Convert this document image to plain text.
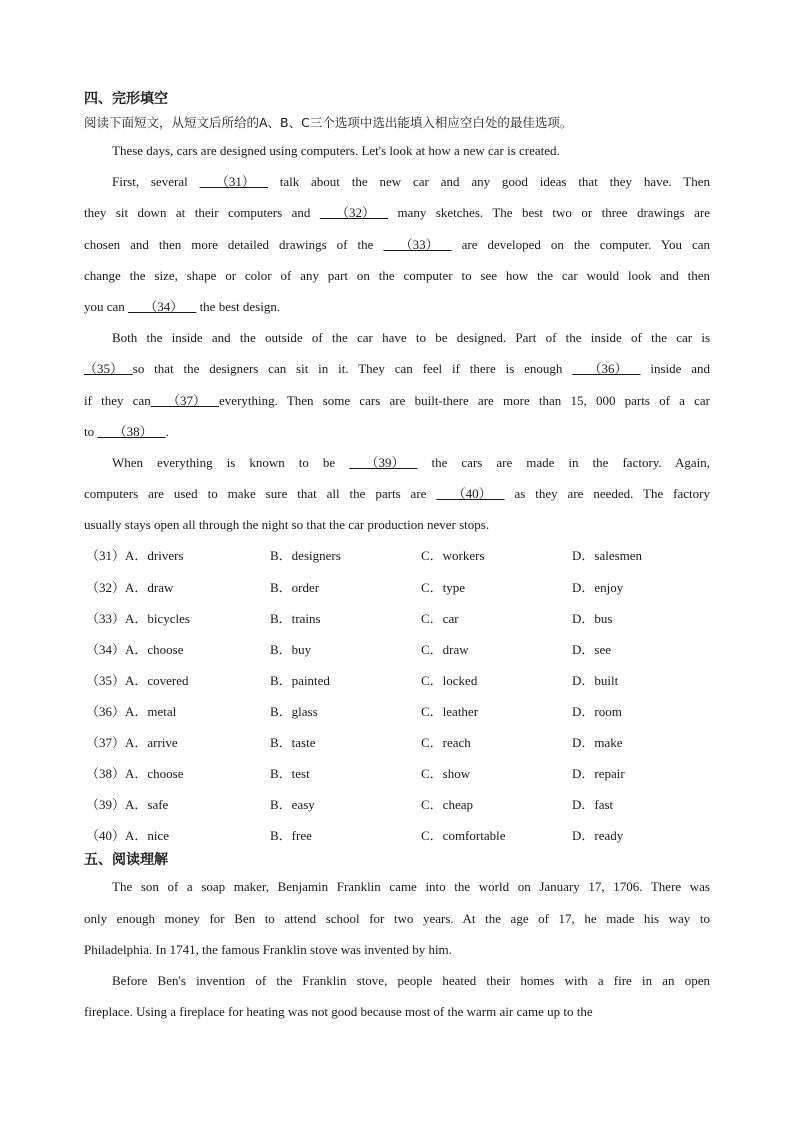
四、完形填空
阅读下面短文，从短文后所给的A、B、C三个选项中选出能填入相应空白处的最佳选项。
These days, cars are designed using computers. Let's look at how a new car is created.
First, several      （31）     talk about the new car and any good ideas that they have. Then
they sit down at their computers and      （32）     many sketches. The best two or three drawings are
chosen and then more detailed drawings of the      （33）     are developed on the computer. You can
change the size, shape or color of any part on the computer to see how the car would look and then
you can      （34）     the best design.
Both the inside and the outside of the car have to be designed. Part of the inside of the car is
（35）   so that the designers can sit in it. They can feel if there is enough      （36）     inside and
if they can     （37）    everything. Then some cars are built-there are more than 15, 000 parts of a car
to      （38）    .
When everything is known to be      （39）     the cars are made in the factory. Again,
computers are used to make sure that all the parts are      （40）     as they are needed. The factory
usually stays open all through the night so that the car production never stops.
（31）A．drivers	B．designers	C．workers	D．salesmen
（32）A．draw	B．order	C．type	D．enjoy
（33）A．bicycles	B．trains	C．car	D．bus
（34）A．choose	B．buy	C．draw	D．see
（35）A．covered	B．painted	C．locked	D．built
（36）A．metal	B．glass	C．leather	D．room
（37）A．arrive	B．taste	C．reach	D．make
（38）A．choose	B．test	C．show	D．repair
（39）A．safe	B．easy	C．cheap	D．fast
（40）A．nice	B．free	C．comfortable	D．ready
五、阅读理解
The son of a soap maker, Benjamin Franklin came into the world on January 17, 1706. There was
only enough money for Ben to attend school for two years. At the age of 17, he made his way to
Philadelphia. In 1741, the famous Franklin stove was invented by him.
Before Ben's invention of the Franklin stove, people heated their homes with a fire in an open
fireplace. Using a fireplace for heating was not good because most of the warm air came up to the
